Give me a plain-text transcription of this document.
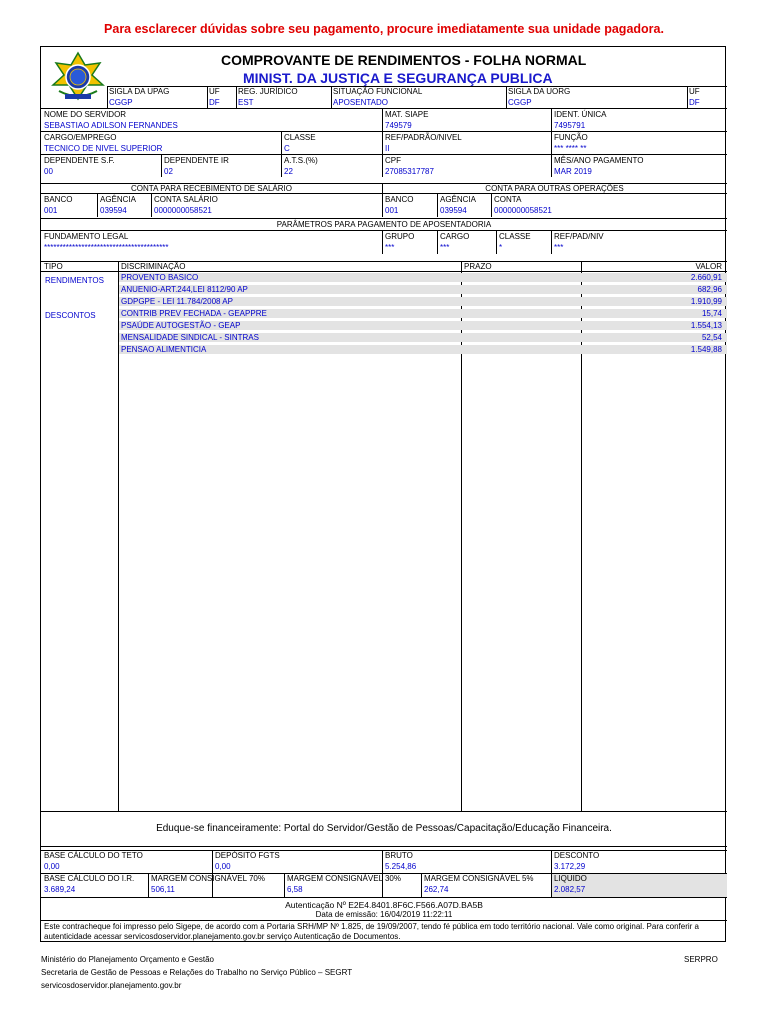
Para esclarecer dúvidas sobre seu pagamento, procure imediatamente sua unidade pagadora.
COMPROVANTE DE RENDIMENTOS - FOLHA NORMAL
MINIST. DA JUSTIÇA E SEGURANÇA PUBLICA
SIGLA DA UPAG
CGGP
UF
DF
REG. JURÍDICO
EST
SITUAÇÃO FUNCIONAL
APOSENTADO
SIGLA DA UORG
CGGP
UF
DF
NOME DO SERVIDOR
SEBASTIAO ADILSON FERNANDES
MAT. SIAPE
749579
IDENT. ÚNICA
7495791
CARGO/EMPREGO
TECNICO DE NIVEL SUPERIOR
CLASSE
C
REF/PADRÃO/NIVEL
II
FUNÇÃO
*** **** **
DEPENDENTE S.F.
00
DEPENDENTE IR
02
A.T.S.(%)
22
CPF
27085317787
MÊS/ANO PAGAMENTO
MAR 2019
CONTA PARA RECEBIMENTO DE SALÁRIO	CONTA PARA OUTRAS OPERAÇÕES
BANCO
001
AGÊNCIA
039594
CONTA SALÁRIO
0000000058521
BANCO
001
AGÊNCIA
039594
CONTA
0000000058521
PARÂMETROS PARA PAGAMENTO DE APOSENTADORIA
FUNDAMENTO LEGAL
****************************************
GRUPO
***
CARGO
***
CLASSE
*
REF/PAD/NIV
***
TIPO	DISCRIMINAÇÃO	PRAZO	VALOR
RENDIMENTOS PROVENTO BASICO	2.660,91
ANUENIO-ART.244,LEI 8112/90 AP	682,96
GDPGPE - LEI 11.784/2008 AP	1.910,99
DESCONTOS	CONTRIB PREV FECHADA - GEAPPRE	15,74
PSAÚDE AUTOGESTÃO - GEAP	1.554,13
MENSALIDADE SINDICAL - SINTRAS	52,54
PENSAO ALIMENTICIA	1.549,88
Eduque-se financeiramente: Portal do Servidor/Gestão de Pessoas/Capacitação/Educação Financeira.
BASE CÁLCULO DO TETO
0,00
DEPÓSITO FGTS
0,00
BRUTO
5.254,86
DESCONTO
3.172,29
BASE CÁLCULO DO I.R.
3.689,24
MARGEM CONSIGNÁVEL 70%
506,11
MARGEM CONSIGNÁVEL 30%
6,58
MARGEM CONSIGNÁVEL 5%
262,74
LIQUIDO
2.082,57
Autenticação Nº E2E4.8401.8F6C.F566.A07D.BA5B
Data de emissão: 16/04/2019 11:22:11
Este contracheque foi impresso pelo Sigepe, de acordo com a Portaria SRH/MP Nº 1.825, de 19/09/2007, tendo fé pública em todo território nacional. Vale como original. Para conferir a autenticidade acessar servicosdoservidor.planejamento.gov.br serviço Autenticação de Documentos.
Ministério do Planejamento Orçamento e Gestão
Secretaria de Gestão de Pessoas e Relações do Trabalho no Serviço Público – SEGRT
servicosdoservidor.planejamento.gov.br
SERPRO
